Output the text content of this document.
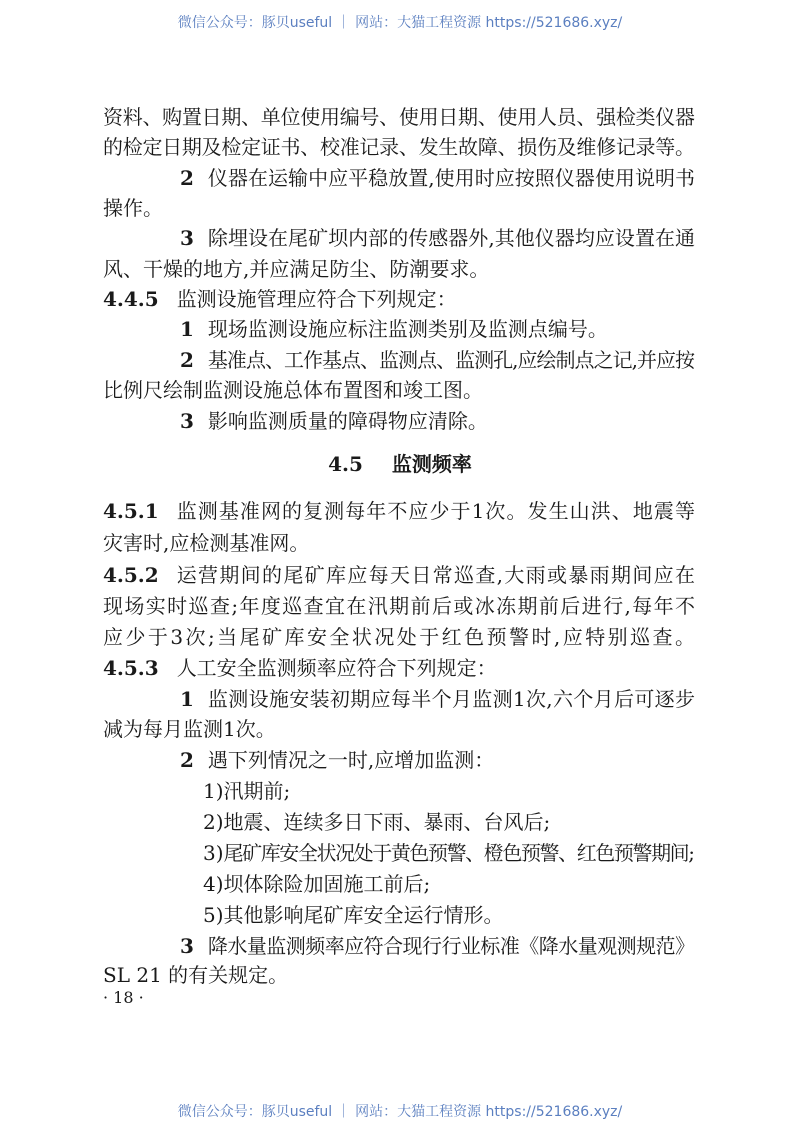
微信公众号：豚贝useful ｜ 网站：大猫工程资源 https://521686.xyz/
资料、购置日期、单位使用编号、使用日期、使用人员、强检类仪器
的检定日期及检定证书、校准记录、发生故障、损伤及维修记录等。
2 仪器在运输中应平稳放置,使用时应按照仪器使用说明书
操作。
3 除埋设在尾矿坝内部的传感器外,其他仪器均应设置在通
风、干燥的地方,并应满足防尘、防潮要求。
4.4.5 监测设施管理应符合下列规定：
1 现场监测设施应标注监测类别及监测点编号。
2 基准点、工作基点、监测点、监测孔,应绘制点之记,并应按
比例尺绘制监测设施总体布置图和竣工图。
3 影响监测质量的障碍物应清除。
4.5 监测频率
4.5.1 监测基准网的复测每年不应少于1次。发生山洪、地震等
灾害时,应检测基准网。
4.5.2 运营期间的尾矿库应每天日常巡查,大雨或暴雨期间应在
现场实时巡查;年度巡查宜在汛期前后或冰冻期前后进行,每年不
应少于3次;当尾矿库安全状况处于红色预警时,应特别巡查。
4.5.3 人工安全监测频率应符合下列规定：
1 监测设施安装初期应每半个月监测1次,六个月后可逐步
减为每月监测1次。
2 遇下列情况之一时,应增加监测：
1)汛期前;
2)地震、连续多日下雨、暴雨、台风后;
3)尾矿库安全状况处于黄色预警、橙色预警、红色预警期间;
4)坝体除险加固施工前后;
5)其他影响尾矿库安全运行情形。
3 降水量监测频率应符合现行行业标准《降水量观测规范》
SL 21 的有关规定。
· 18 ·
微信公众号：豚贝useful ｜ 网站：大猫工程资源 https://521686.xyz/
